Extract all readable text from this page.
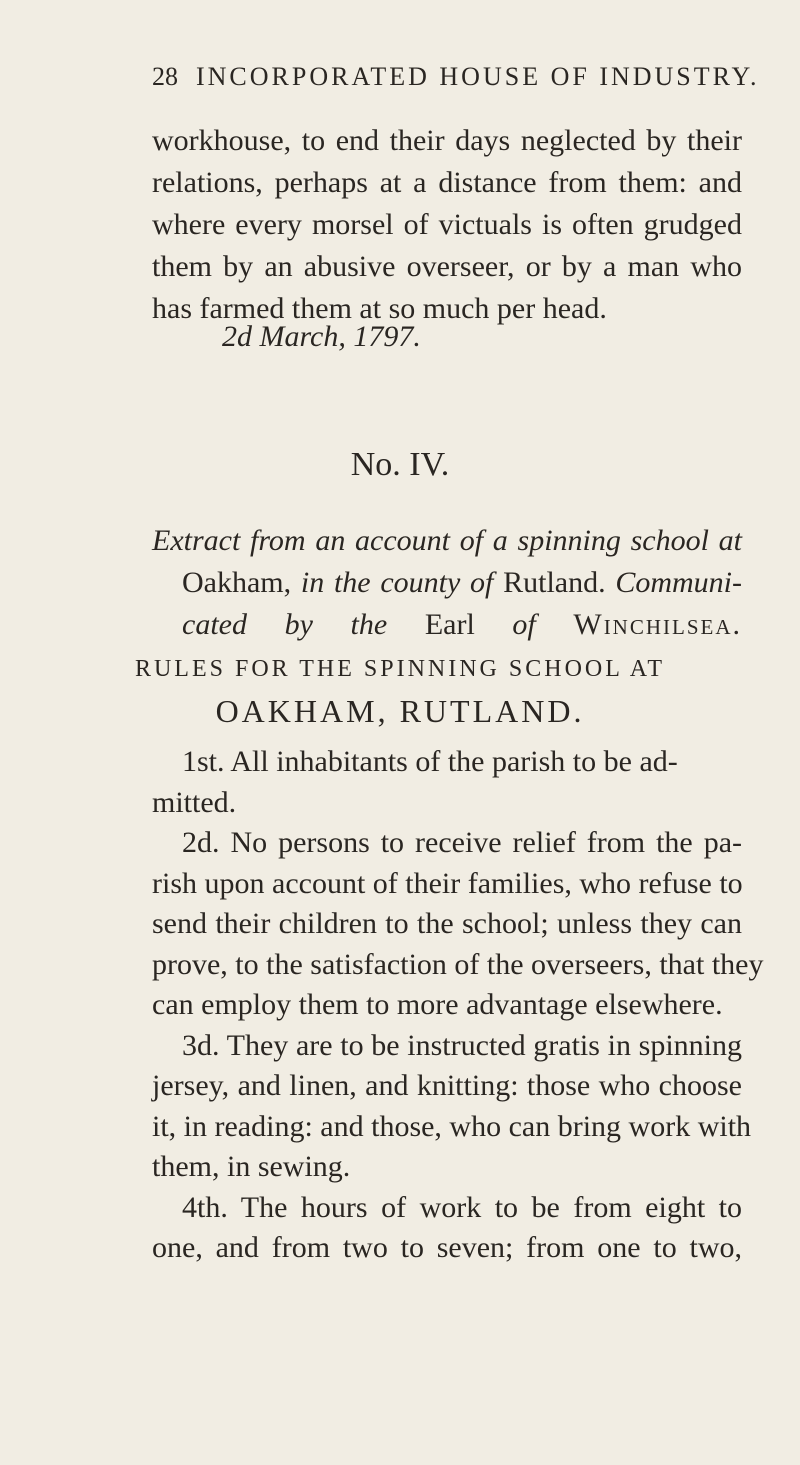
28 INCORPORATED HOUSE OF INDUSTRY.
workhouse, to end their days neglected by their
relations, perhaps at a distance from them: and
where every morsel of victuals is often grudged
them by an abusive overseer, or by a man who
has farmed them at so much per head.
2d March, 1797.
No. IV.
Extract from an account of a spinning school at
Oakham, in the county of Rutland. Communi-
cated by the Earl of Winchilsea.
RULES FOR THE SPINNING SCHOOL AT
OAKHAM, RUTLAND.
1st. All inhabitants of the parish to be ad-
mitted.
2d. No persons to receive relief from the pa-
rish upon account of their families, who refuse to
send their children to the school; unless they can
prove, to the satisfaction of the overseers, that they
can employ them to more advantage elsewhere.
3d. They are to be instructed gratis in spinning
jersey, and linen, and knitting: those who choose
it, in reading: and those, who can bring work with
them, in sewing.
4th. The hours of work to be from eight to
one, and from two to seven; from one to two,
